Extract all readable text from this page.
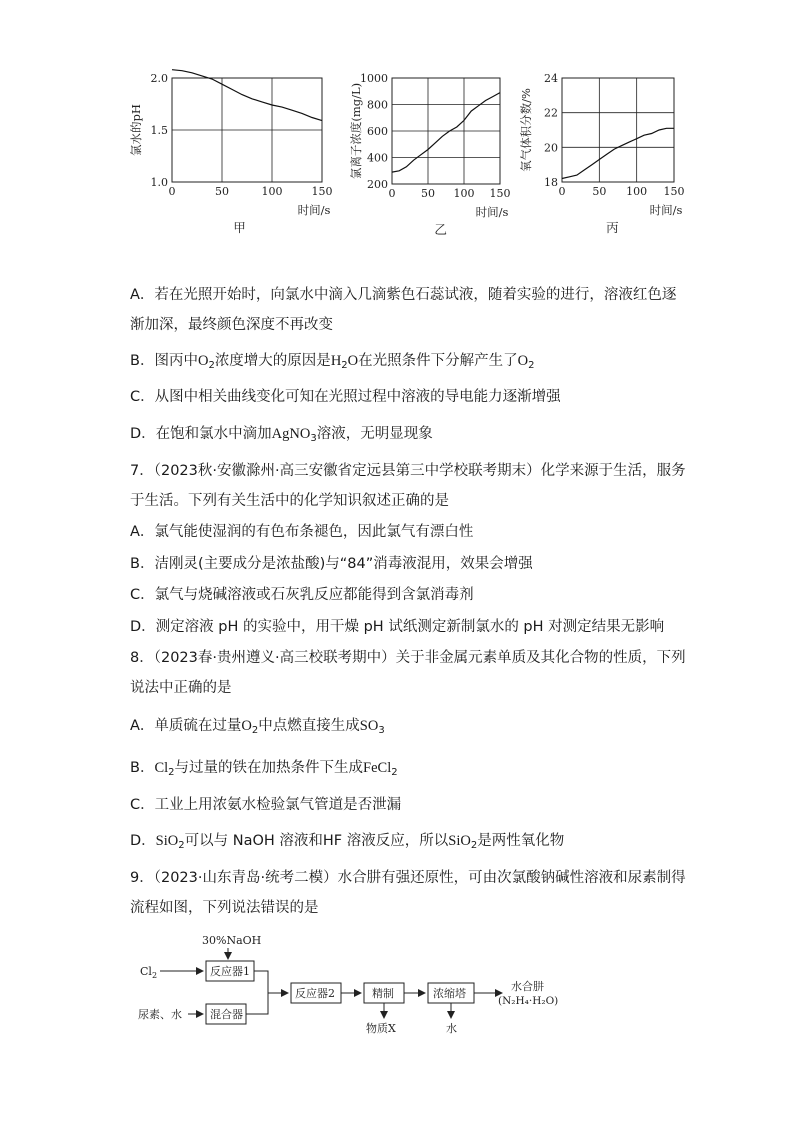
0	50	100	150
1.0
1.5
2.0
时间/s
氯水的pH
甲
0 50 100 150
200
400
600
800
1000
时间/s
氯离子浓度(mg/L)
乙
0 50 100 150
18
20
22
24
时间/s
氧气体积分数/%
丙
A．若在光照开始时，向氯水中滴入几滴紫色石蕊试液，随着实验的进行，溶液红色逐
渐加深，最终颜色深度不再改变
B．图丙中$O_2$浓度增大的原因是$H_2O$在光照条件下分解产生了$O_2$
C．从图中相关曲线变化可知在光照过程中溶液的导电能力逐渐增强
D．在饱和氯水中滴加AgNO$_3$溶液，无明显现象
7．（2023秋·安徽滁州·高三安徽省定远县第三中学校联考期末）化学来源于生活，服务
于生活。下列有关生活中的化学知识叙述正确的是
A．氯气能使湿润的有色布条褪色，因此氯气有漂白性
B．洁刚灵(主要成分是浓盐酸)与“84”消毒液混用，效果会增强
C．氯气与烧碱溶液或石灰乳反应都能得到含氯消毒剂
D．测定溶液 pH 的实验中，用干燥 pH 试纸测定新制氯水的 pH 对测定结果无影响
8．（2023春·贵州遵义·高三校联考期中）关于非金属元素单质及其化合物的性质，下列
说法中正确的是
A．单质硫在过量$O_2$中点燃直接生成$SO_3$
B．$Cl_2$与过量的铁在加热条件下生成FeCl$_2$
C．工业上用浓氨水检验氯气管道是否泄漏
D．SiO$_2$可以与 NaOH 溶液和HF 溶液反应，所以SiO$_2$是两性氧化物
9．（2023·山东青岛·统考二模）水合肼有强还原性，可由次氯酸钠碱性溶液和尿素制得
流程如图，下列说法错误的是
30%NaOH
$Cl_2$	反应器1
尿素、水	混合器
反应器2	精制
物质X
浓缩塔
水
水合肼
(N₂H₄·H₂O)
